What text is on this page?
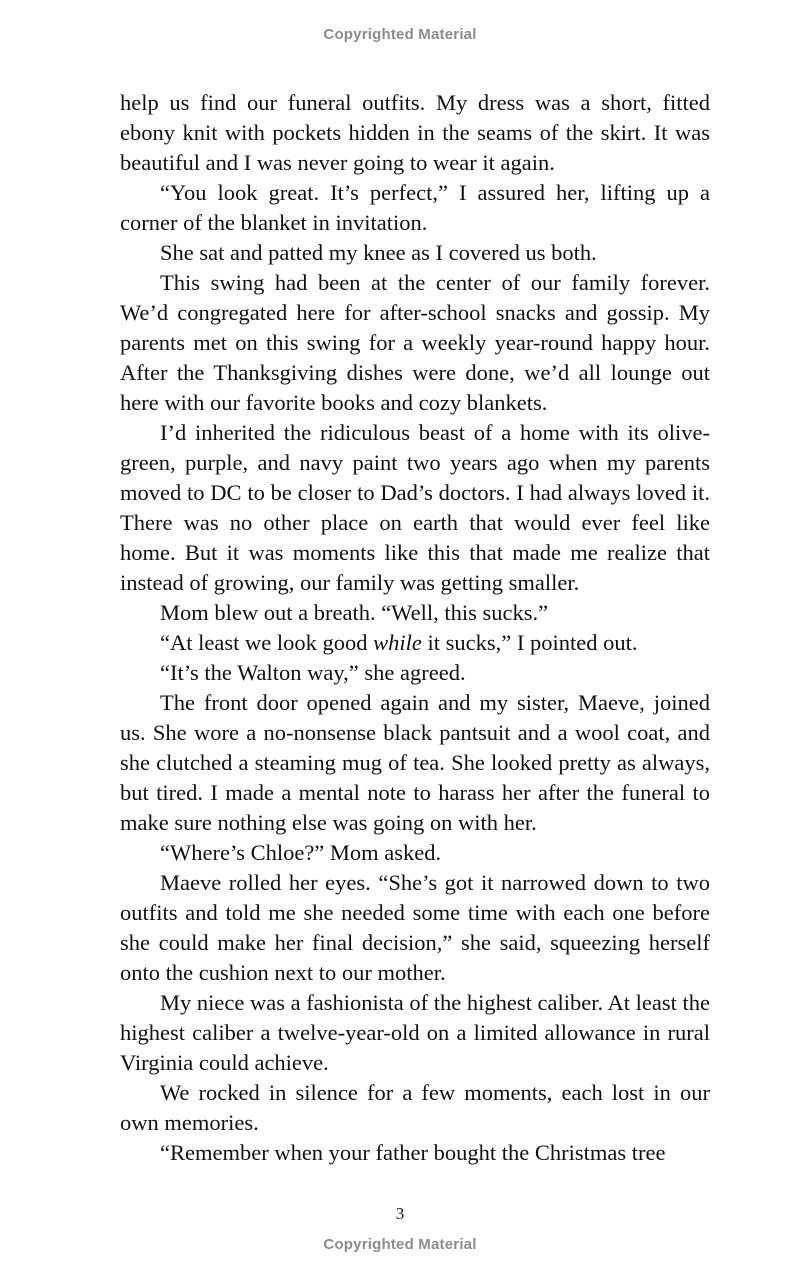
Copyrighted Material

help us find our funeral outfits. My dress was a short, fitted ebony knit with pockets hidden in the seams of the skirt. It was beautiful and I was never going to wear it again.

“You look great. It’s perfect,” I assured her, lifting up a corner of the blanket in invitation.

She sat and patted my knee as I covered us both.

This swing had been at the center of our family forever. We’d congregated here for after-school snacks and gossip. My parents met on this swing for a weekly year-round happy hour. After the Thanksgiving dishes were done, we’d all lounge out here with our favorite books and cozy blankets.

I’d inherited the ridiculous beast of a home with its olive-green, purple, and navy paint two years ago when my parents moved to DC to be closer to Dad’s doctors. I had always loved it. There was no other place on earth that would ever feel like home. But it was moments like this that made me realize that instead of growing, our family was getting smaller.

Mom blew out a breath. “Well, this sucks.”

“At least we look good while it sucks,” I pointed out.

“It’s the Walton way,” she agreed.

The front door opened again and my sister, Maeve, joined us. She wore a no-nonsense black pantsuit and a wool coat, and she clutched a steaming mug of tea. She looked pretty as always, but tired. I made a mental note to harass her after the funeral to make sure nothing else was going on with her.

“Where’s Chloe?” Mom asked.

Maeve rolled her eyes. “She’s got it narrowed down to two outfits and told me she needed some time with each one before she could make her final decision,” she said, squeezing herself onto the cushion next to our mother.

My niece was a fashionista of the highest caliber. At least the highest caliber a twelve-year-old on a limited allowance in rural Virginia could achieve.

We rocked in silence for a few moments, each lost in our own memories.

“Remember when your father bought the Christmas tree

3
Copyrighted Material
